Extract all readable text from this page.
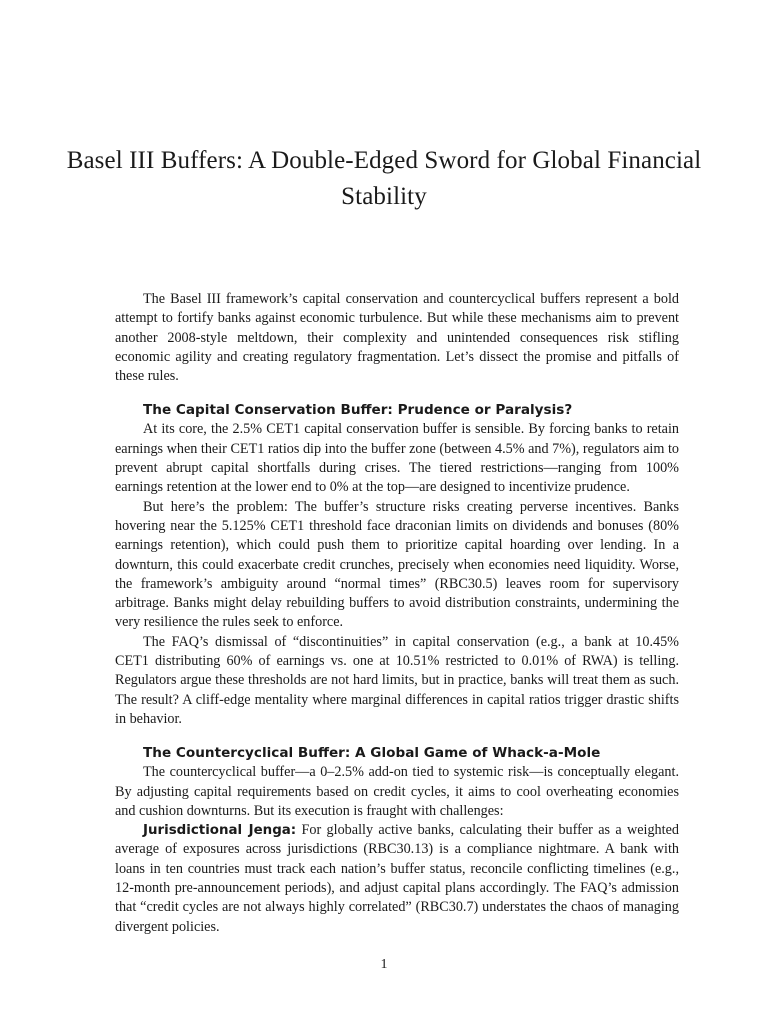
Basel III Buffers: A Double-Edged Sword for Global Financial Stability

The Basel III framework’s capital conservation and countercyclical buffers represent a bold attempt to fortify banks against economic turbulence. But while these mechanisms aim to prevent another 2008-style meltdown, their complexity and unintended consequences risk stifling economic agility and creating regulatory fragmentation. Let’s dissect the promise and pitfalls of these rules.

The Capital Conservation Buffer: Prudence or Paralysis?

At its core, the 2.5% CET1 capital conservation buffer is sensible. By forcing banks to retain earnings when their CET1 ratios dip into the buffer zone (between 4.5% and 7%), regulators aim to prevent abrupt capital shortfalls during crises. The tiered restrictions—ranging from 100% earnings retention at the lower end to 0% at the top—are designed to incentivize prudence.

But here’s the problem: The buffer’s structure risks creating perverse incentives. Banks hovering near the 5.125% CET1 threshold face draconian limits on dividends and bonuses (80% earnings retention), which could push them to prioritize capital hoarding over lending. In a downturn, this could exacerbate credit crunches, precisely when economies need liquidity. Worse, the framework’s ambiguity around “normal times” (RBC30.5) leaves room for supervisory arbitrage. Banks might delay rebuilding buffers to avoid distribution constraints, undermining the very resilience the rules seek to enforce.

The FAQ’s dismissal of “discontinuities” in capital conservation (e.g., a bank at 10.45% CET1 distributing 60% of earnings vs. one at 10.51% restricted to 0.01% of RWA) is telling. Regulators argue these thresholds are not hard limits, but in practice, banks will treat them as such. The result? A cliff-edge mentality where marginal differences in capital ratios trigger drastic shifts in behavior.

The Countercyclical Buffer: A Global Game of Whack-a-Mole

The countercyclical buffer—a 0–2.5% add-on tied to systemic risk—is conceptually elegant. By adjusting capital requirements based on credit cycles, it aims to cool overheating economies and cushion downturns. But its execution is fraught with challenges:

Jurisdictional Jenga: For globally active banks, calculating their buffer as a weighted average of exposures across jurisdictions (RBC30.13) is a compliance nightmare. A bank with loans in ten countries must track each nation’s buffer status, reconcile conflicting timelines (e.g., 12-month pre-announcement periods), and adjust capital plans accordingly. The FAQ’s admission that “credit cycles are not always highly correlated” (RBC30.7) understates the chaos of managing divergent policies.

1
